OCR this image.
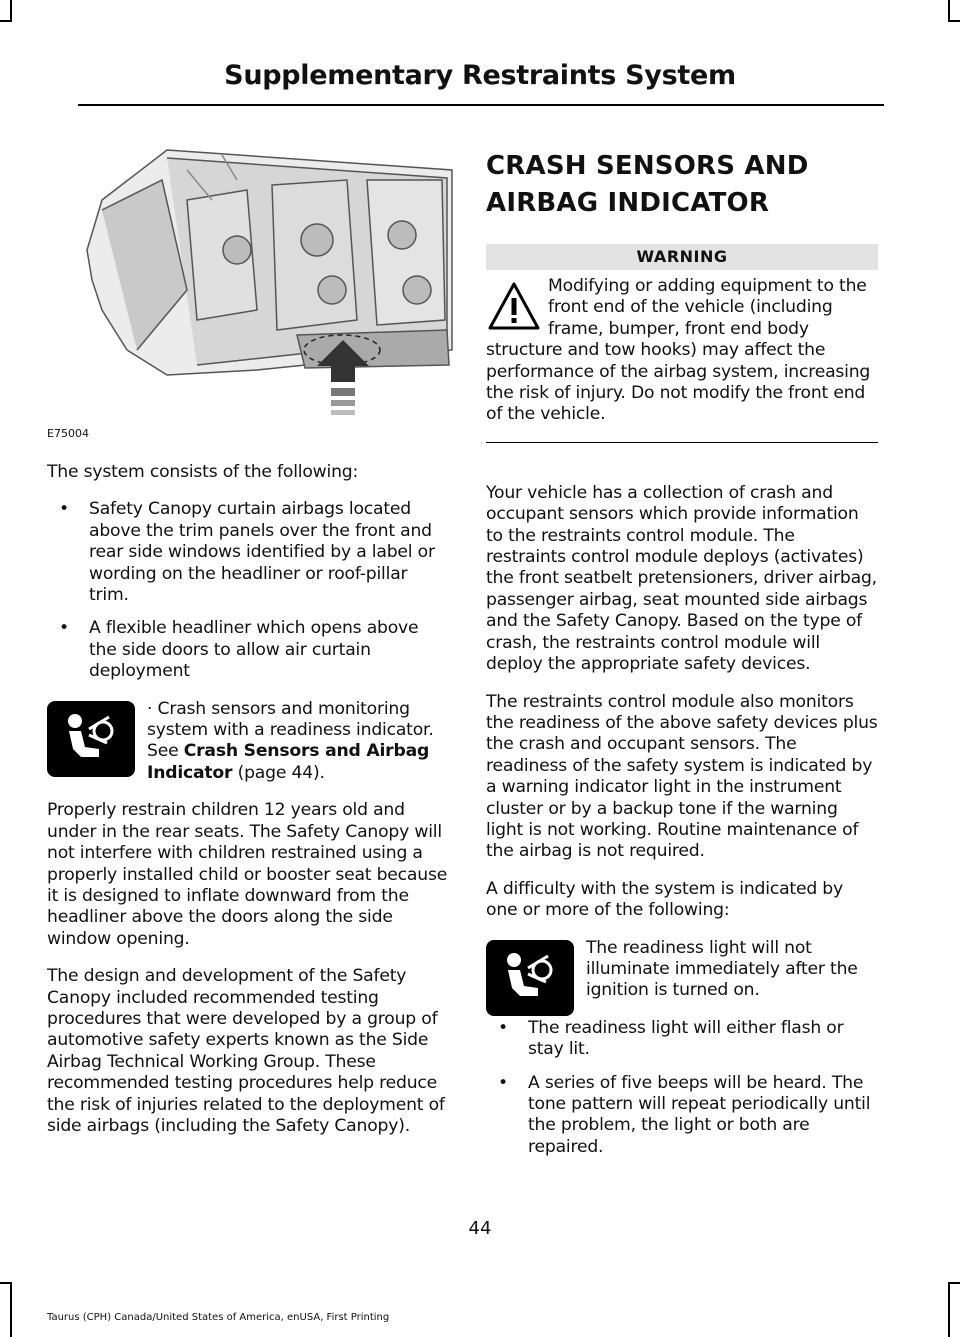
Supplementary Restraints System
E75004

The system consists of the following:

• Safety Canopy curtain airbags located above the trim panels over the front and rear side windows identified by a label or wording on the headliner or roof-pillar trim.
• A flexible headliner which opens above the side doors to allow air curtain deployment

· Crash sensors and monitoring system with a readiness indicator. See Crash Sensors and Airbag Indicator (page 44).

Properly restrain children 12 years old and under in the rear seats. The Safety Canopy will not interfere with children restrained using a properly installed child or booster seat because it is designed to inflate downward from the headliner above the doors along the side window opening.

The design and development of the Safety Canopy included recommended testing procedures that were developed by a group of automotive safety experts known as the Side Airbag Technical Working Group. These recommended testing procedures help reduce the risk of injuries related to the deployment of side airbags (including the Safety Canopy).

CRASH SENSORS AND
AIRBAG INDICATOR
WARNING

Modifying or adding equipment to the front end of the vehicle (including frame, bumper, front end body structure and tow hooks) may affect the performance of the airbag system, increasing the risk of injury. Do not modify the front end of the vehicle.

Your vehicle has a collection of crash and occupant sensors which provide information to the restraints control module. The restraints control module deploys (activates) the front seatbelt pretensioners, driver airbag, passenger airbag, seat mounted side airbags and the Safety Canopy. Based on the type of crash, the restraints control module will deploy the appropriate safety devices.

The restraints control module also monitors the readiness of the above safety devices plus the crash and occupant sensors. The readiness of the safety system is indicated by a warning indicator light in the instrument cluster or by a backup tone if the warning light is not working. Routine maintenance of the airbag is not required.

A difficulty with the system is indicated by one or more of the following:

The readiness light will not illuminate immediately after the ignition is turned on.

• The readiness light will either flash or stay lit.
• A series of five beeps will be heard. The tone pattern will repeat periodically until the problem, the light or both are repaired.
44
Taurus (CPH) Canada/United States of America, enUSA, First Printing
